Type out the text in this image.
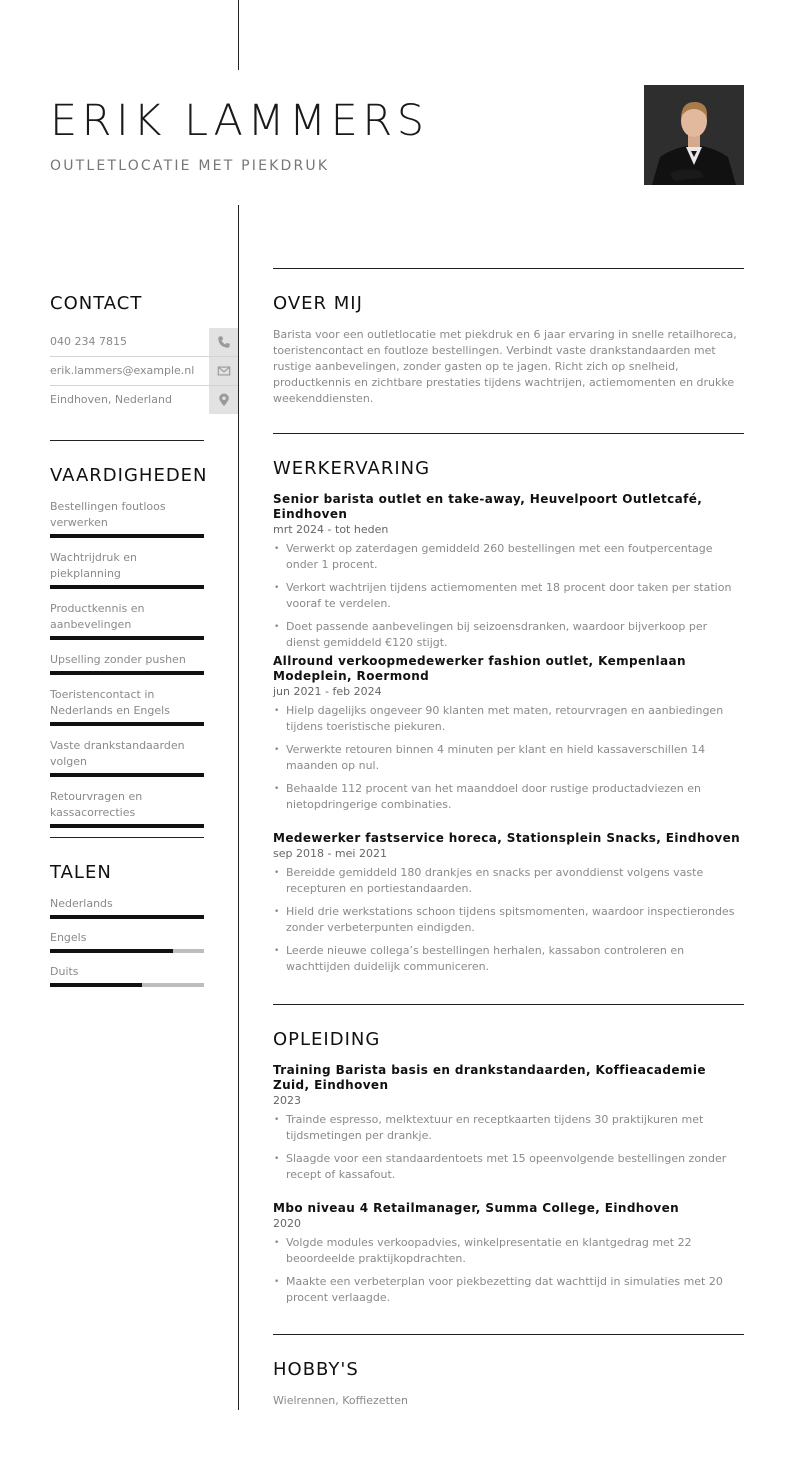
ERIK LAMMERS
OUTLETLOCATIE MET PIEKDRUK
CONTACT
040 234 7815
erik.lammers@example.nl
Eindhoven, Nederland
VAARDIGHEDEN
Bestellingen foutloos verwerken
Wachtrijdruk en piekplanning
Productkennis en aanbevelingen
Upselling zonder pushen
Toeristencontact in Nederlands en Engels
Vaste drankstandaarden volgen
Retourvragen en kassacorrecties
TALEN
Nederlands
Engels
Duits
OVER MIJ
Barista voor een outletlocatie met piekdruk en 6 jaar ervaring in snelle retailhoreca, toeristencontact en foutloze bestellingen. Verbindt vaste drankstandaarden met rustige aanbevelingen, zonder gasten op te jagen. Richt zich op snelheid, productkennis en zichtbare prestaties tijdens wachtrijen, actiemomenten en drukke weekenddiensten.
WERKERVARING
Senior barista outlet en take-away, Heuvelpoort Outletcafé, Eindhoven
mrt 2024 - tot heden
• Verwerkt op zaterdagen gemiddeld 260 bestellingen met een foutpercentage onder 1 procent.
• Verkort wachtrijen tijdens actiemomenten met 18 procent door taken per station vooraf te verdelen.
• Doet passende aanbevelingen bij seizoensdranken, waardoor bijverkoop per dienst gemiddeld €120 stijgt.
Allround verkoopmedewerker fashion outlet, Kempenlaan Modeplein, Roermond
jun 2021 - feb 2024
• Hielp dagelijks ongeveer 90 klanten met maten, retourvragen en aanbiedingen tijdens toeristische piekuren.
• Verwerkte retouren binnen 4 minuten per klant en hield kassaverschillen 14 maanden op nul.
• Behaalde 112 procent van het maanddoel door rustige productadviezen en nietopdringerige combinaties.
Medewerker fastservice horeca, Stationsplein Snacks, Eindhoven
sep 2018 - mei 2021
• Bereidde gemiddeld 180 drankjes en snacks per avonddienst volgens vaste recepturen en portiestandaarden.
• Hield drie werkstations schoon tijdens spitsmomenten, waardoor inspectierondes zonder verbeterpunten eindigden.
• Leerde nieuwe collega’s bestellingen herhalen, kassabon controleren en wachttijden duidelijk communiceren.
OPLEIDING
Training Barista basis en drankstandaarden, Koffieacademie Zuid, Eindhoven
2023
• Trainde espresso, melktextuur en receptkaarten tijdens 30 praktijkuren met tijdsmetingen per drankje.
• Slaagde voor een standaardentoets met 15 opeenvolgende bestellingen zonder recept of kassafout.
Mbo niveau 4 Retailmanager, Summa College, Eindhoven
2020
• Volgde modules verkoopadvies, winkelpresentatie en klantgedrag met 22 beoordeelde praktijkopdrachten.
• Maakte een verbeterplan voor piekbezetting dat wachttijd in simulaties met 20 procent verlaagde.
HOBBY'S
Wielrennen, Koffiezetten
